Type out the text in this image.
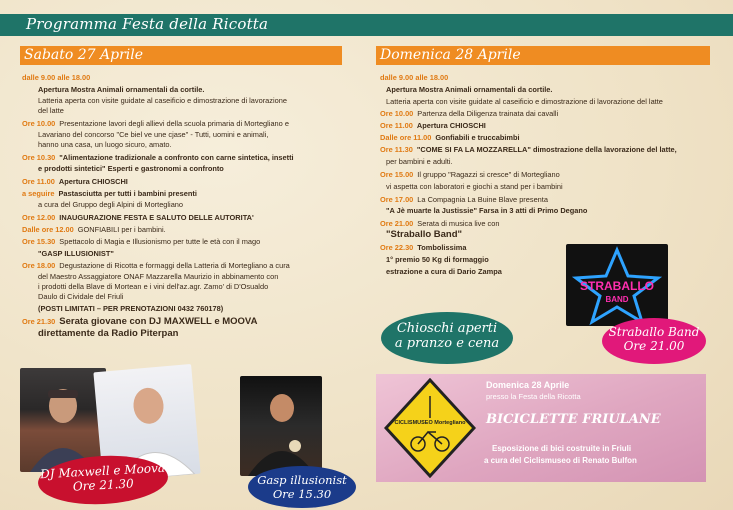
Programma Festa della Ricotta
Sabato 27 Aprile
dalle 9.00 alle 18.00
Apertura Mostra Animali ornamentali da cortile.
Latteria aperta con visite guidate al caseificio e dimostrazione di lavorazione
del latte
Ore 10.00 Presentazione lavori degli allievi della scuola primaria di Mortegliano e
Lavariano del concorso "Ce biel ve une cjase" - Tutti, uomini e animali,
hanno una casa, un luogo sicuro, amato.
Ore 10.30 "Alimentazione tradizionale a confronto con carne sintetica, insetti
e prodotti sintetici" Esperti e gastronomi a confronto
Ore 11.00 Apertura CHIOSCHI
a seguire Pastasciutta per tutti i bambini presenti
a cura del Gruppo degli Alpini di Mortegliano
Ore 12.00 INAUGURAZIONE FESTA E SALUTO DELLE AUTORITA'
Dalle ore 12.00 GONFIABILI per i bambini.
Ore 15.30 Spettacolo di Magia e Illusionismo per tutte le età con il mago
"GASP ILLUSIONIST"
Ore 18.00 Degustazione di Ricotta e formaggi della Latteria di Mortegliano a cura
del Maestro Assaggiatore ONAF Mazzarella Maurizio in abbinamento con
i prodotti della Blave di Mortean e i vini dell'az.agr. Zamo' di D'Osualdo
Daulo di Cividale del Friuli
(POSTI LIMITATI – PER PRENOTAZIONI 0432 760178)
Ore 21.30 Serata giovane con DJ MAXWELL e MOOVA
direttamente da Radio Piterpan
Domenica 28 Aprile
dalle 9.00 alle 18.00
Apertura Mostra Animali ornamentali da cortile.
Latteria aperta con visite guidate al caseificio e dimostrazione di lavorazione del latte
Ore 10.00 Partenza della Diligenza trainata dai cavalli
Ore 11.00 Apertura CHIOSCHI
Dalle ore 11.00 Gonfiabili e truccabimbi
Ore 11.30 "COME SI FA LA MOZZARELLA" dimostrazione della lavorazione del latte,
per bambini e adulti.
Ore 15.00 Il gruppo "Ragazzi si cresce" di Mortegliano
vi aspetta con laboratori e giochi a stand per i bambini
Ore 17.00 La Compagnia La Buine Blave presenta
"A Jè muarte la Justissie" Farsa in 3 atti di Primo Degano
Ore 21.00 Serata di musica live con
"Straballo Band"
Ore 22.30 Tombolissima
1° premio 50 Kg di formaggio
estrazione a cura di Dario Zampa
DJ Maxwell e Moova
Ore 21.30	Gasp illusionist
Ore 15.30
Chioschi aperti
a pranzo e cena
STRABALLO
BAND
Straballo Band
Ore 21.00
CICLISMUSEO Mortegliano
Domenica 28 Aprile
presso la Festa della Ricotta
BICICLETTE FRIULANE
Esposizione di bici costruite in Friuli
a cura del Ciclismuseo di Renato Bulfon
